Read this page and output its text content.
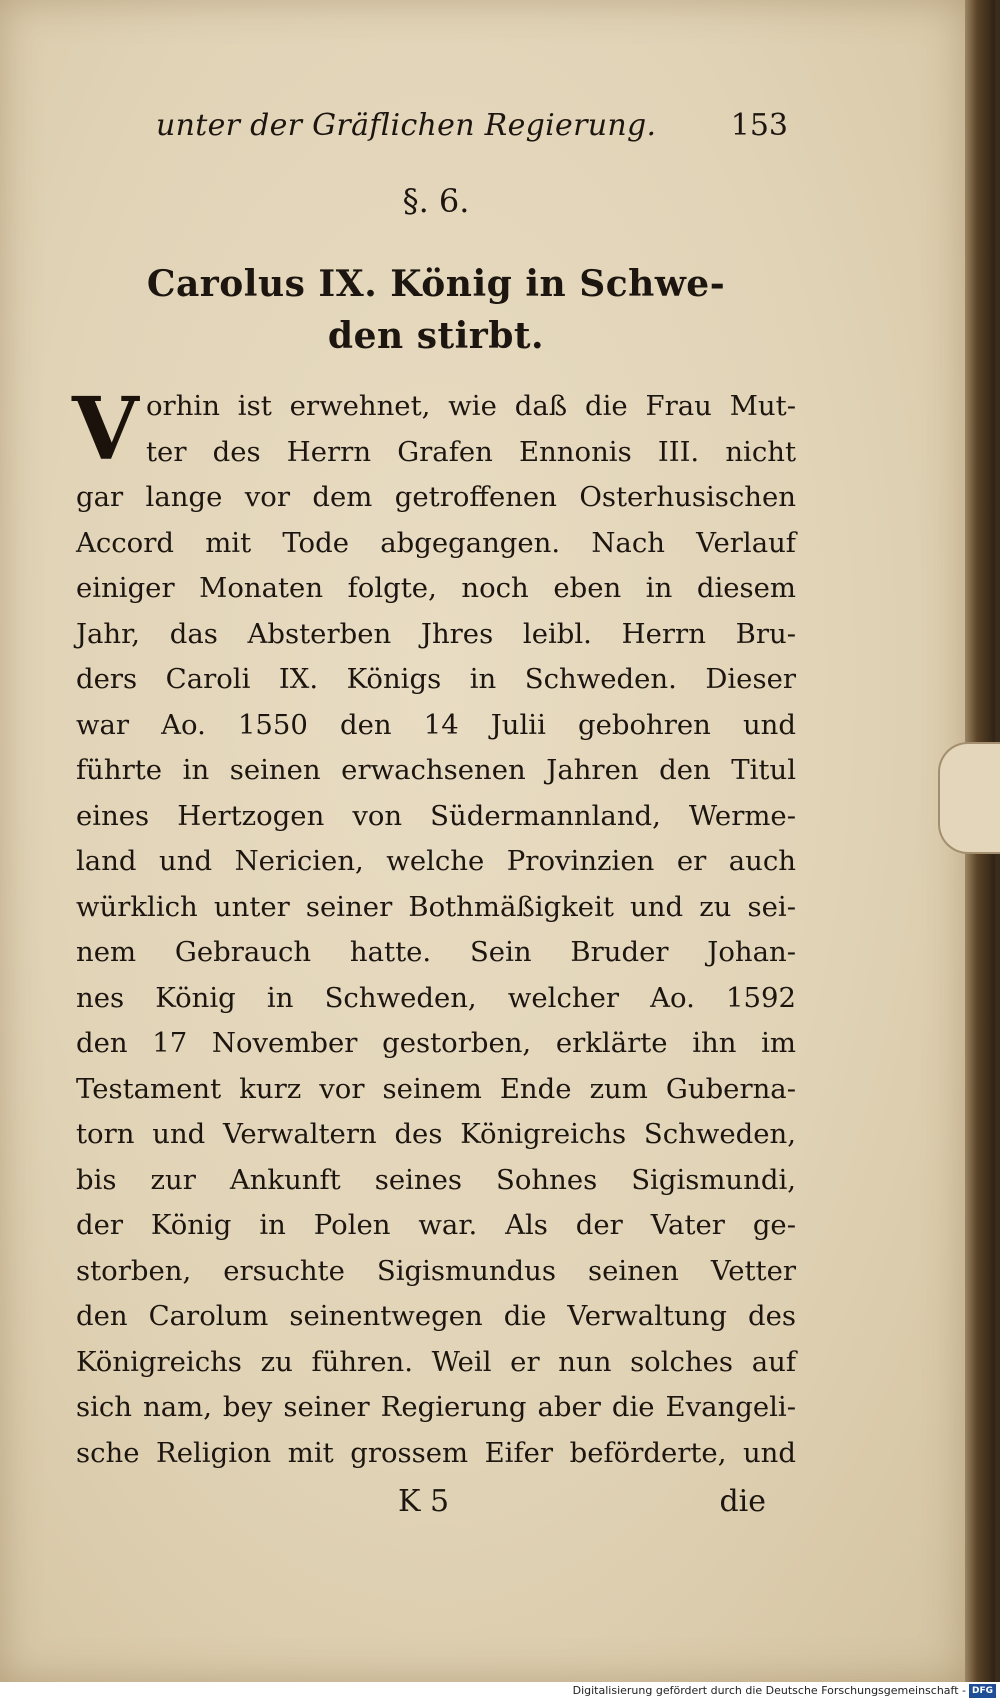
unter der Gräflichen Regierung. 153
§. 6.
Carolus IX. König in Schwe-
den stirbt.
V orhin ist erwehnet, wie daß die Frau Mut-
ter des Herrn Grafen Ennonis III. nicht
gar lange vor dem getroffenen Osterhusischen
Accord mit Tode abgegangen. Nach Verlauf
einiger Monaten folgte, noch eben in diesem
Jahr, das Absterben Jhres leibl. Herrn Bru-
ders Caroli IX. Königs in Schweden. Dieser
war Ao. 1550 den 14 Julii gebohren und
führte in seinen erwachsenen Jahren den Titul
eines Hertzogen von Südermannland, Werme-
land und Nericien, welche Provinzien er auch
würklich unter seiner Bothmäßigkeit und zu sei-
nem Gebrauch hatte. Sein Bruder Johan-
nes König in Schweden, welcher Ao. 1592
den 17 November gestorben, erklärte ihn im
Testament kurz vor seinem Ende zum Guberna-
torn und Verwaltern des Königreichs Schweden,
bis zur Ankunft seines Sohnes Sigismundi,
der König in Polen war. Als der Vater ge-
storben, ersuchte Sigismundus seinen Vetter
den Carolum seinentwegen die Verwaltung des
Königreichs zu führen. Weil er nun solches auf
sich nam, bey seiner Regierung aber die Evangeli-
sche Religion mit grossem Eifer beförderte, und
K 5	die
Digitalisierung gefördert durch die Deutsche Forschungsgemeinschaft - DFG
